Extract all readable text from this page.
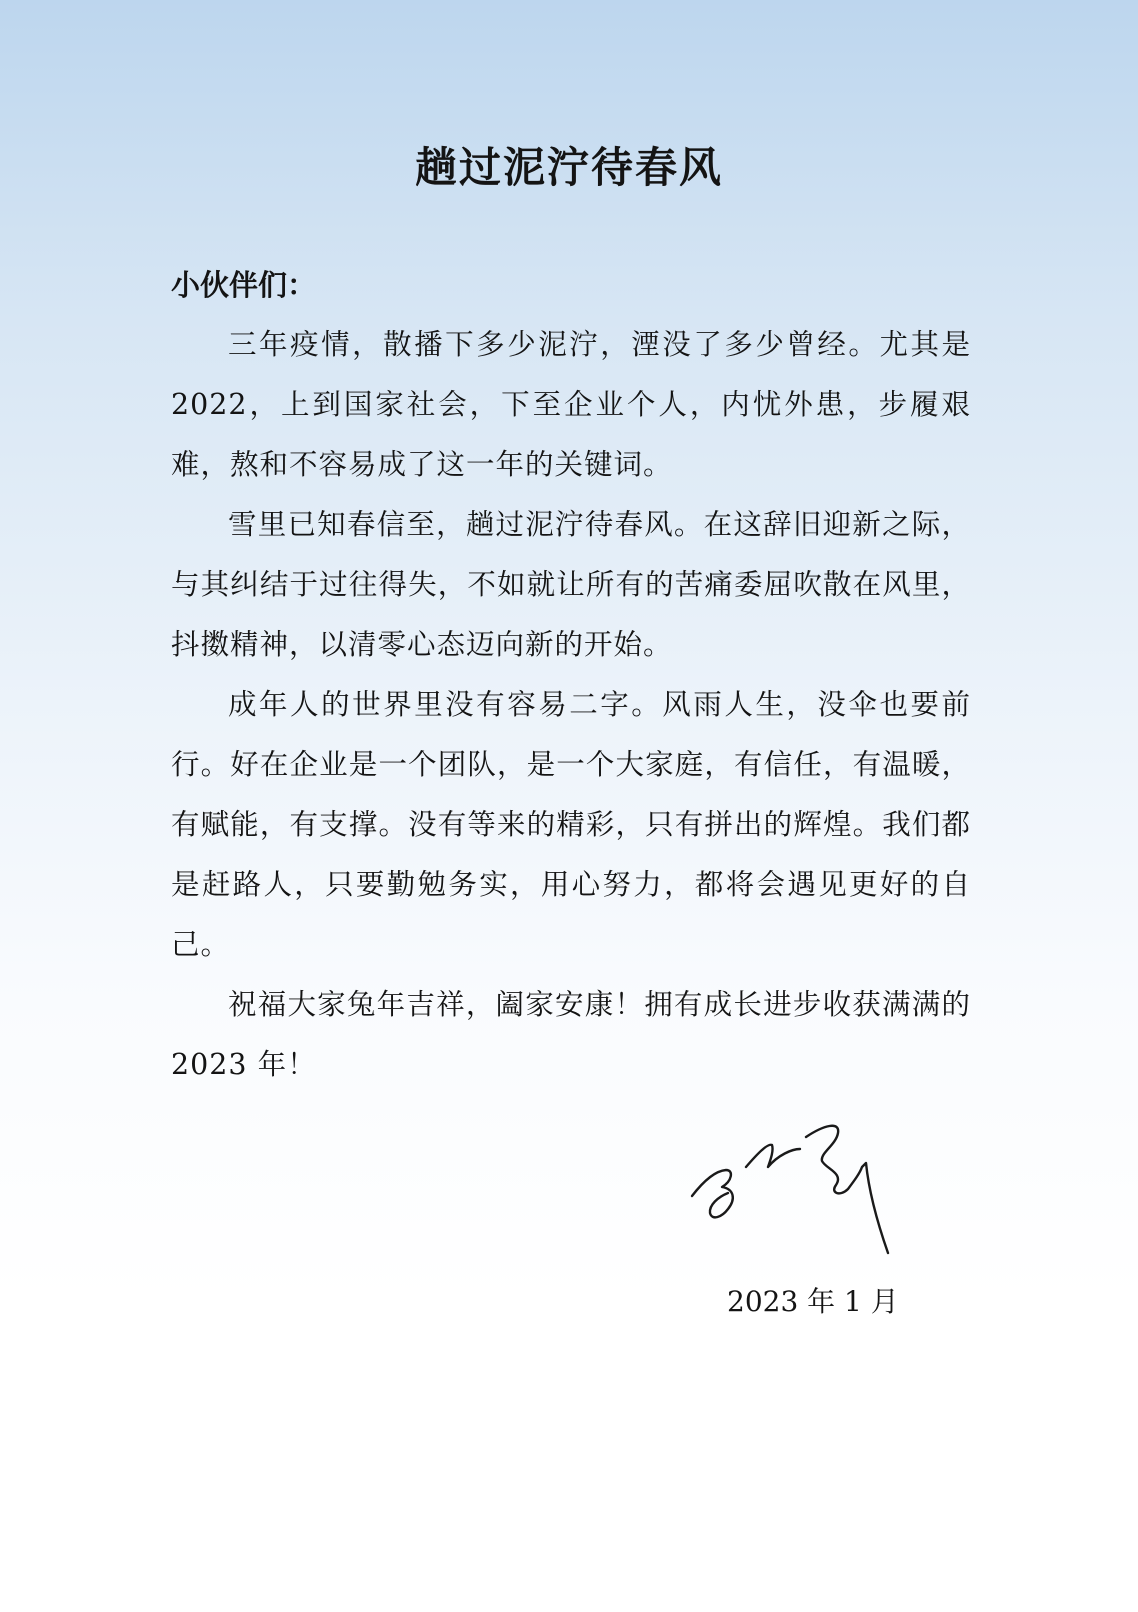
趟过泥泞待春风

小伙伴们：

三年疫情，散播下多少泥泞，湮没了多少曾经。尤其是2022，上到国家社会，下至企业个人，内忧外患，步履艰难，熬和不容易成了这一年的关键词。

雪里已知春信至，趟过泥泞待春风。在这辞旧迎新之际，与其纠结于过往得失，不如就让所有的苦痛委屈吹散在风里，抖擞精神，以清零心态迈向新的开始。

成年人的世界里没有容易二字。风雨人生，没伞也要前行。好在企业是一个团队，是一个大家庭，有信任，有温暖，有赋能，有支撑。没有等来的精彩，只有拼出的辉煌。我们都是赶路人，只要勤勉务实，用心努力，都将会遇见更好的自己。

祝福大家兔年吉祥，阖家安康！拥有成长进步收获满满的 2023 年！

2023 年 1 月
